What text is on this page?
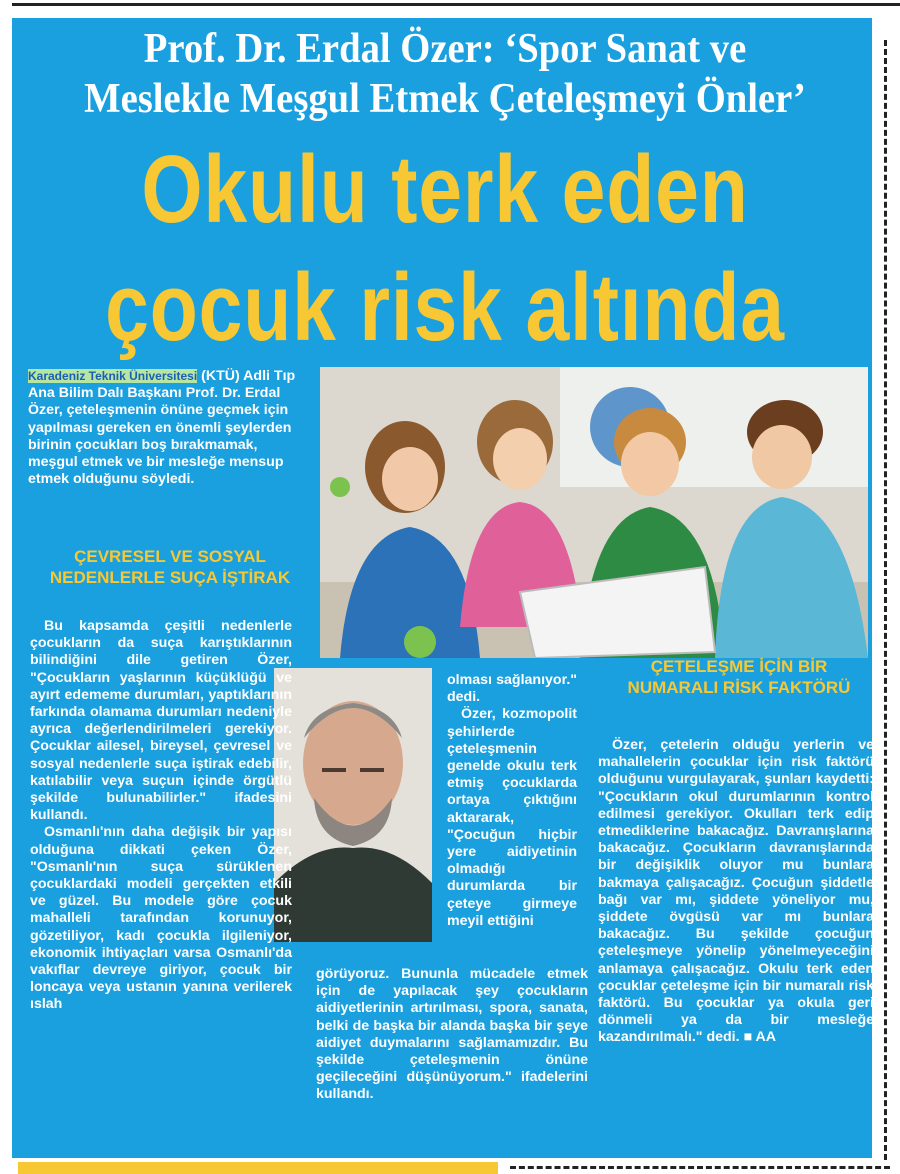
Prof. Dr. Erdal Özer: ‘Spor Sanat ve
Meslekle Meşgul Etmek Çeteleşmeyi Önler’
Okulu terk eden
çocuk risk altında
Karadeniz Teknik Üniversitesi (KTÜ) Adli Tıp Ana Bilim Dalı Başkanı Prof. Dr. Erdal Özer, çeteleşmenin önüne geçmek için yapılması gereken en önemli şeylerden birinin çocukları boş bırakmamak, meşgul etmek ve bir mesleğe mensup etmek olduğunu söyledi.
ÇEVRESEL VE SOSYAL NEDENLERLE SUÇA İŞTİRAK

Bu kapsamda çeşitli nedenlerle çocukların da suça karıştıklarının bilindiğini dile getiren Özer, "Çocukların yaşlarının küçüklüğü ve ayırt edememe durumları, yaptıklarının farkında olamama durumları nedeniyle ayrıca değerlendirilmeleri gerekiyor. Çocuklar ailesel, bireysel, çevresel ve sosyal nedenlerle suça iştirak edebilir, katılabilir veya suçun içinde örgütlü şekilde bulunabilirler." ifadesini kullandı.

Osmanlı'nın daha değişik bir yapısı olduğuna dikkati çeken Özer, "Osmanlı'nın suça sürüklenen çocuklardaki modeli gerçekten etkili ve güzel. Bu modele göre çocuk mahalleli tarafından korunuyor, gözetiliyor, kadı çocukla ilgileniyor, ekonomik ihtiyaçları varsa Osmanlı'da vakıflar devreye giriyor, çocuk bir loncaya veya ustanın yanına verilerek ıslah

olması sağlanıyor." dedi.

Özer, kozmopolit şehirlerde çeteleşmenin genelde okulu terk etmiş çocuklarda ortaya çıktığını aktararak, "Çocuğun hiçbir yere aidiyetinin olmadığı durumlarda bir çeteye girmeye meyil ettiğini

görüyoruz. Bununla mücadele etmek için de yapılacak şey çocukların aidiyetlerinin artırılması, spora, sanata, belki de başka bir alanda başka bir şeye aidiyet duymalarını sağlamamızdır. Bu şekilde çeteleşmenin önüne geçileceğini düşünüyorum." ifadelerini kullandı.

ÇETELEŞME İÇİN BİR NUMARALI RİSK FAKTÖRÜ

Özer, çetelerin olduğu yerlerin ve mahallelerin çocuklar için risk faktörü olduğunu vurgulayarak, şunları kaydetti: "Çocukların okul durumlarının kontrol edilmesi gerekiyor. Okulları terk edip etmediklerine bakacağız. Davranışlarına bakacağız. Çocukların davranışlarında bir değişiklik oluyor mu bunlara bakmaya çalışacağız. Çocuğun şiddetle bağı var mı, şiddete yöneliyor mu, şiddete övgüsü var mı bunlara bakacağız. Bu şekilde çocuğun çeteleşmeye yönelip yönelmeyeceğini anlamaya çalışacağız. Okulu terk eden çocuklar çeteleşme için bir numaralı risk faktörü. Bu çocuklar ya okula geri dönmeli ya da bir mesleğe kazandırılmalı." dedi. ■ AA
